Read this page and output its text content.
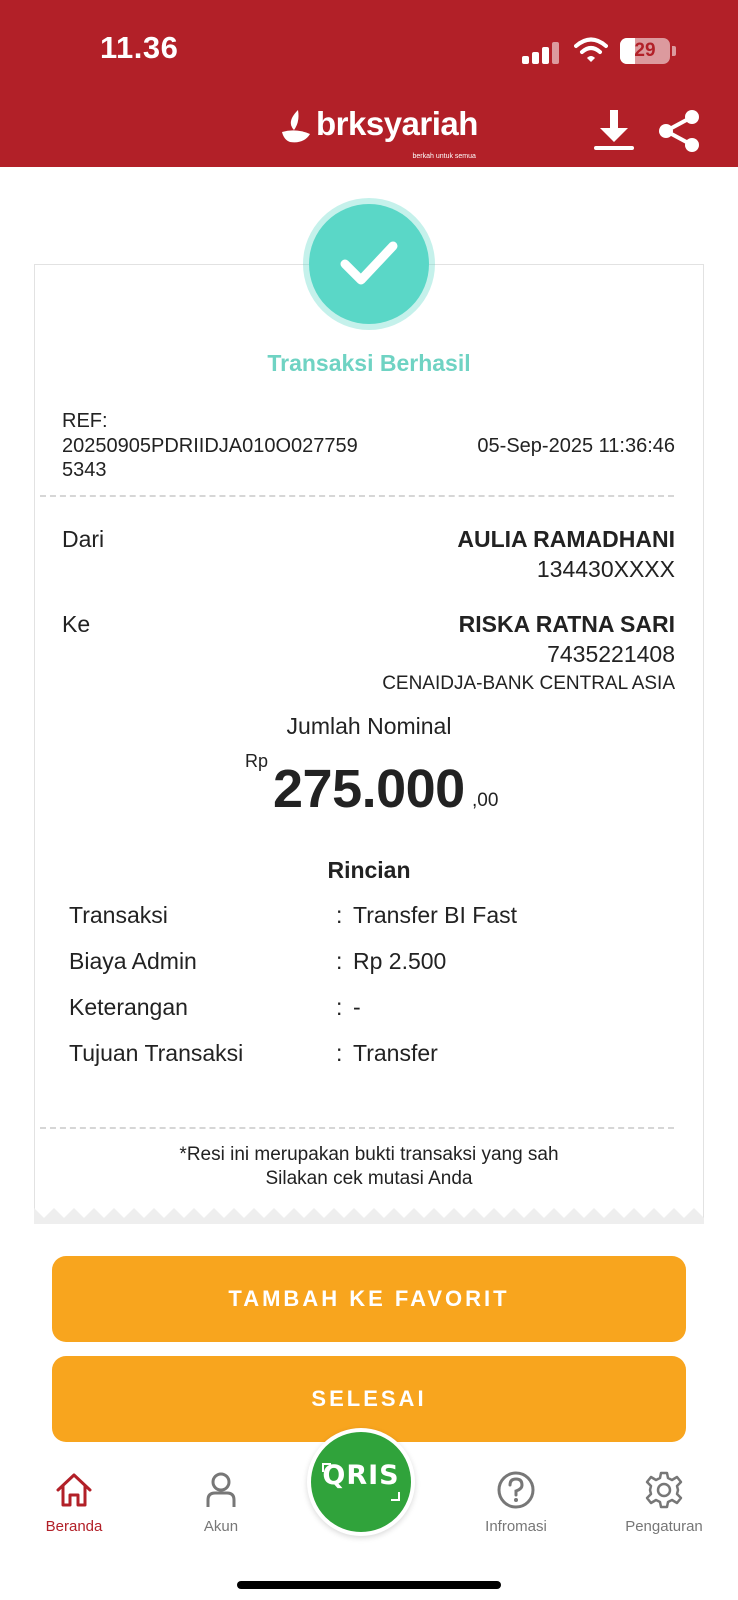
11.36	29
brksyariah
berkah untuk semua
Transaksi Berhasil
REF:
20250905PDRIIDJA010O027759
5343
05-Sep-2025 11:36:46
Dari	AULIA RAMADHANI
134430XXXX
Ke	RISKA RATNA SARI
7435221408
CENAIDJA-BANK CENTRAL ASIA
Jumlah Nominal
Rp 275.000 ,00
Rincian
Transaksi	: Transfer BI Fast
Biaya Admin	: Rp 2.500
Keterangan	: -
Tujuan Transaksi	: Transfer
*Resi ini merupakan bukti transaksi yang sah
Silakan cek mutasi Anda
TAMBAH KE FAVORIT
SELESAI
Beranda	Akun
QRIS
Infromasi	Pengaturan
